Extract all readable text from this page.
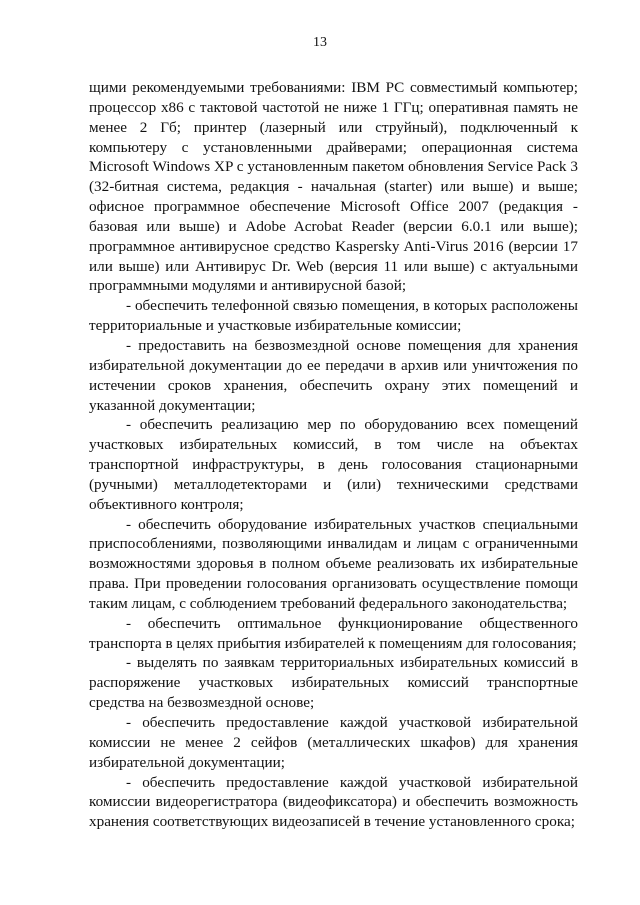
13

щими рекомендуемыми требованиями: IBM PC совместимый компьютер; процессор x86 с тактовой частотой не ниже 1 ГГц; оперативная память не менее 2 Гб; принтер (лазерный или струйный), подключенный к компьютеру с установленными драйверами; операционная система Microsoft Windows XP с установленным пакетом обновления Service Pack 3 (32-битная система, редакция - начальная (starter) или выше) и выше; офисное программное обеспечение Microsoft Office 2007 (редакция - базовая или выше) и Adobe Acrobat Reader (версии 6.0.1 или выше); программное антивирусное средство Kaspersky Anti-Virus 2016 (версии 17 или выше) или Антивирус Dr. Web (версия 11 или выше) с актуальными программными модулями и антивирусной базой;

- обеспечить телефонной связью помещения, в которых расположены территориальные и участковые избирательные комиссии;

- предоставить на безвозмездной основе помещения для хранения избирательной документации до ее передачи в архив или уничтожения по истечении сроков хранения, обеспечить охрану этих помещений и указанной документации;

- обеспечить реализацию мер по оборудованию всех помещений участковых избирательных комиссий, в том числе на объектах транспортной инфраструктуры, в день голосования стационарными (ручными) металлодетекторами и (или) техническими средствами объективного контроля;

- обеспечить оборудование избирательных участков специальными приспособлениями, позволяющими инвалидам и лицам с ограниченными возможностями здоровья в полном объеме реализовать их избирательные права. При проведении голосования организовать осуществление помощи таким лицам, с соблюдением требований федерального законодательства;

- обеспечить оптимальное функционирование общественного транспорта в целях прибытия избирателей к помещениям для голосования;

- выделять по заявкам территориальных избирательных комиссий в распоряжение участковых избирательных комиссий транспортные средства на безвозмездной основе;

- обеспечить предоставление каждой участковой избирательной комиссии не менее 2 сейфов (металлических шкафов) для хранения избирательной документации;

- обеспечить предоставление каждой участковой избирательной комиссии видеорегистратора (видеофиксатора) и обеспечить возможность хранения соответствующих видеозаписей в течение установленного срока;
